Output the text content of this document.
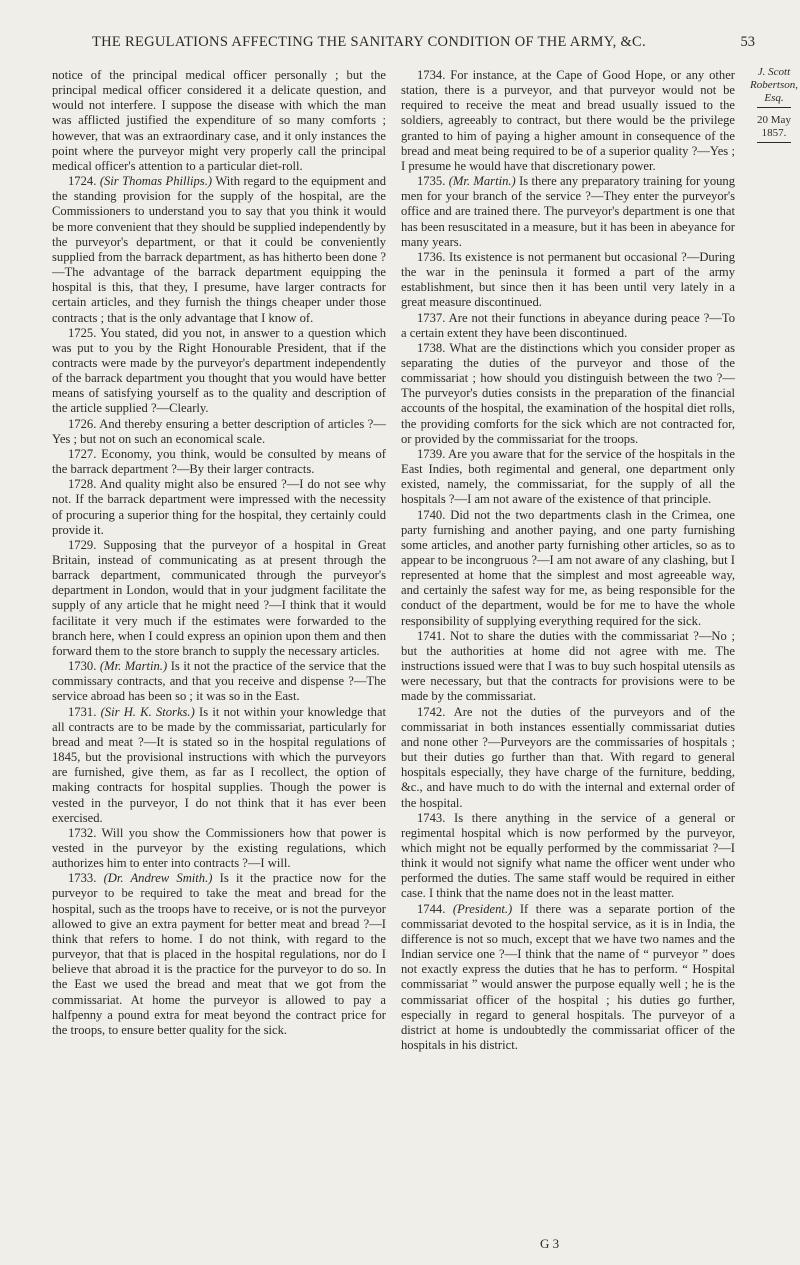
THE REGULATIONS AFFECTING THE SANITARY CONDITION OF THE ARMY, &C.	53

notice of the principal medical officer personally ; but the principal medical officer considered it a delicate question, and would not interfere. I suppose the disease with which the man was afflicted justified the expenditure of so many comforts ; however, that was an extraordinary case, and it only instances the point where the purveyor might very properly call the principal medical officer's attention to a particular diet-roll.

1724. (Sir Thomas Phillips.) With regard to the equipment and the standing provision for the supply of the hospital, are the Commissioners to understand you to say that you think it would be more convenient that they should be supplied independently by the purveyor's department, or that it could be conveniently supplied from the barrack department, as has hitherto been done ?—The advantage of the barrack department equipping the hospital is this, that they, I presume, have larger contracts for certain articles, and they furnish the things cheaper under those contracts ; that is the only advantage that I know of.

1725. You stated, did you not, in answer to a question which was put to you by the Right Honourable President, that if the contracts were made by the purveyor's department independently of the barrack department you thought that you would have better means of satisfying yourself as to the quality and description of the article supplied ?—Clearly.

1726. And thereby ensuring a better description of articles ?—Yes ; but not on such an economical scale.

1727. Economy, you think, would be consulted by means of the barrack department ?—By their larger contracts.

1728. And quality might also be ensured ?—I do not see why not. If the barrack department were impressed with the necessity of procuring a superior thing for the hospital, they certainly could provide it.

1729. Supposing that the purveyor of a hospital in Great Britain, instead of communicating as at present through the barrack department, communicated through the purveyor's department in London, would that in your judgment facilitate the supply of any article that he might need ?—I think that it would facilitate it very much if the estimates were forwarded to the branch here, when I could express an opinion upon them and then forward them to the store branch to supply the necessary articles.

1730. (Mr. Martin.) Is it not the practice of the service that the commissary contracts, and that you receive and dispense ?—The service abroad has been so ; it was so in the East.

1731. (Sir H. K. Storks.) Is it not within your knowledge that all contracts are to be made by the commissariat, particularly for bread and meat ?—It is stated so in the hospital regulations of 1845, but the provisional instructions with which the purveyors are furnished, give them, as far as I recollect, the option of making contracts for hospital supplies. Though the power is vested in the purveyor, I do not think that it has ever been exercised.

1732. Will you show the Commissioners how that power is vested in the purveyor by the existing regulations, which authorizes him to enter into contracts ?—I will.

1733. (Dr. Andrew Smith.) Is it the practice now for the purveyor to be required to take the meat and bread for the hospital, such as the troops have to receive, or is not the purveyor allowed to give an extra payment for better meat and bread ?—I think that refers to home. I do not think, with regard to the purveyor, that that is placed in the hospital regulations, nor do I believe that abroad it is the practice for the purveyor to do so. In the East we used the bread and meat that we got from the commissariat. At home the purveyor is allowed to pay a halfpenny a pound extra for meat beyond the contract price for the troops, to ensure better quality for the sick.

1734. For instance, at the Cape of Good Hope, or any other station, there is a purveyor, and that purveyor would not be required to receive the meat and bread usually issued to the soldiers, agreeably to contract, but there would be the privilege granted to him of paying a higher amount in consequence of the bread and meat being required to be of a superior quality ?—Yes ; I presume he would have that discretionary power.

1735. (Mr. Martin.) Is there any preparatory training for young men for your branch of the service ?—They enter the purveyor's office and are trained there. The purveyor's department is one that has been resuscitated in a measure, but it has been in abeyance for many years.

1736. Its existence is not permanent but occasional ?—During the war in the peninsula it formed a part of the army establishment, but since then it has been until very lately in a great measure discontinued.

1737. Are not their functions in abeyance during peace ?—To a certain extent they have been discontinued.

1738. What are the distinctions which you consider proper as separating the duties of the purveyor and those of the commissariat ; how should you distinguish between the two ?—The purveyor's duties consists in the preparation of the financial accounts of the hospital, the examination of the hospital diet rolls, the providing comforts for the sick which are not contracted for, or provided by the commissariat for the troops.

1739. Are you aware that for the service of the hospitals in the East Indies, both regimental and general, one department only existed, namely, the commissariat, for the supply of all the hospitals ?—I am not aware of the existence of that principle.

1740. Did not the two departments clash in the Crimea, one party furnishing and another paying, and one party furnishing some articles, and another party furnishing other articles, so as to appear to be incongruous ?—I am not aware of any clashing, but I represented at home that the simplest and most agreeable way, and certainly the safest way for me, as being responsible for the conduct of the department, would be for me to have the whole responsibility of supplying everything required for the sick.

1741. Not to share the duties with the commissariat ?—No ; but the authorities at home did not agree with me. The instructions issued were that I was to buy such hospital utensils as were necessary, but that the contracts for provisions were to be made by the commissariat.

1742. Are not the duties of the purveyors and of the commissariat in both instances essentially commissariat duties and none other ?—Purveyors are the commissaries of hospitals ; but their duties go further than that. With regard to general hospitals especially, they have charge of the furniture, bedding, &c., and have much to do with the internal and external order of the hospital.

1743. Is there anything in the service of a general or regimental hospital which is now performed by the purveyor, which might not be equally performed by the commissariat ?—I think it would not signify what name the officer went under who performed the duties. The same staff would be required in either case. I think that the name does not in the least matter.

1744. (President.) If there was a separate portion of the commissariat devoted to the hospital service, as it is in India, the difference is not so much, except that we have two names and the Indian service one ?—I think that the name of “ purveyor ” does not exactly express the duties that he has to perform. “ Hospital commissariat ” would answer the purpose equally well ; he is the commissariat officer of the hospital ; his duties go further, especially in regard to general hospitals. The purveyor of a district at home is undoubtedly the commissariat officer of the hospitals in his district.

J. Scott Robertson, Esq.
20 May 1857.
G 3
